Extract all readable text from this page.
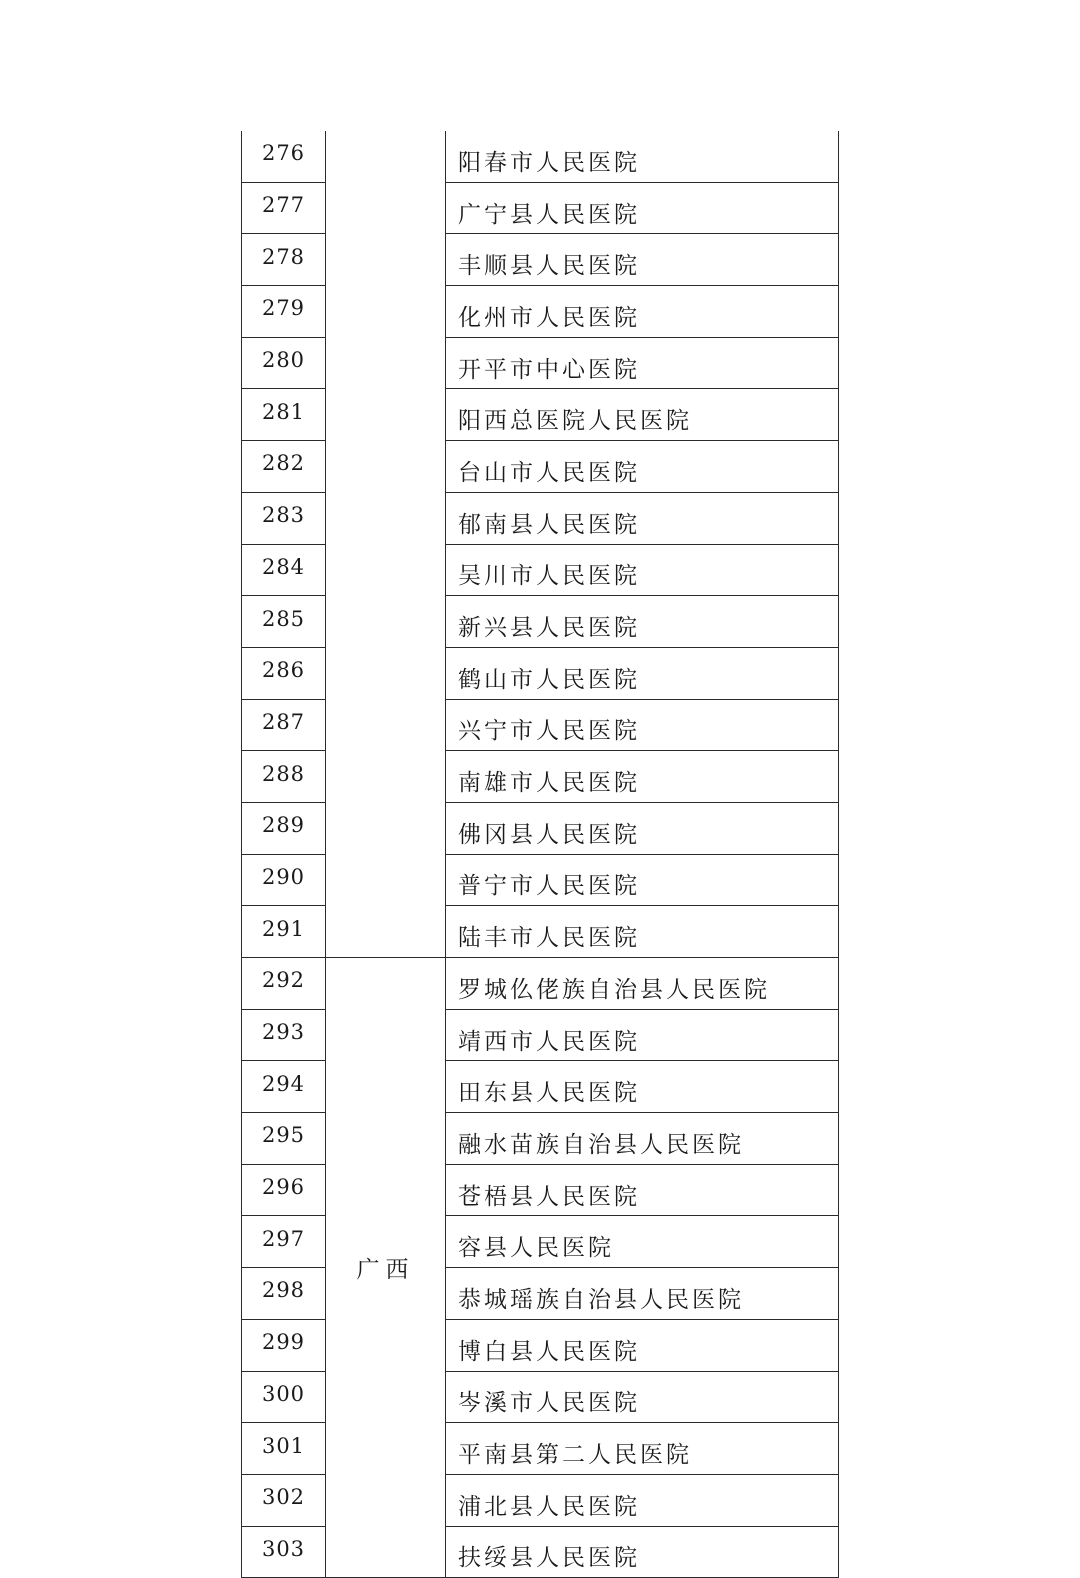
276		阳春市人民医院
277		广宁县人民医院
278		丰顺县人民医院
279		化州市人民医院
280		开平市中心医院
281		阳西总医院人民医院
282		台山市人民医院
283		郁南县人民医院
284		吴川市人民医院
285		新兴县人民医院
286		鹤山市人民医院
287		兴宁市人民医院
288		南雄市人民医院
289		佛冈县人民医院
290		普宁市人民医院
291		陆丰市人民医院
292	广西	罗城仫佬族自治县人民医院
293		靖西市人民医院
294		田东县人民医院
295		融水苗族自治县人民医院
296		苍梧县人民医院
297		容县人民医院
298		恭城瑶族自治县人民医院
299		博白县人民医院
300		岑溪市人民医院
301		平南县第二人民医院
302		浦北县人民医院
303		扶绥县人民医院
